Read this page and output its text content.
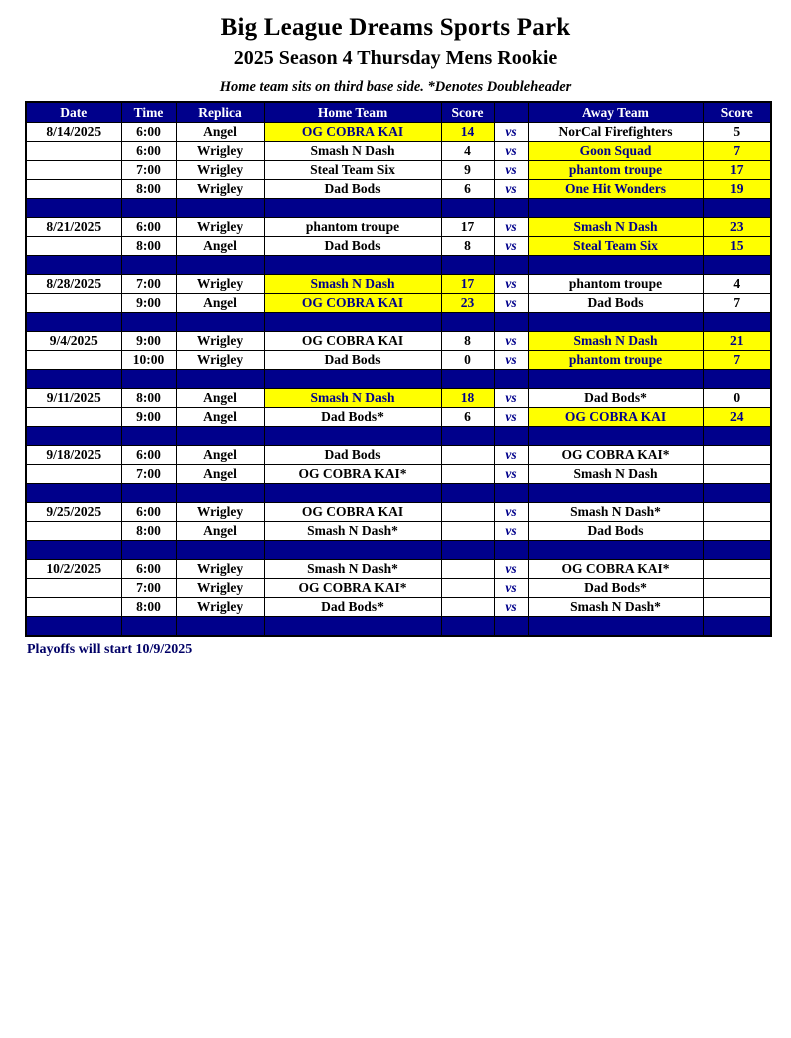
Big League Dreams Sports Park
2025 Season 4 Thursday Mens Rookie
Home team sits on third base side. *Denotes Doubleheader
Date	Time	Replica	Home Team	Score		Away Team	Score
8/14/2025	6:00	Angel	OG COBRA KAI	14	vs	NorCal Firefighters	5
	6:00	Wrigley	Smash N Dash	4	vs	Goon Squad	7
	7:00	Wrigley	Steal Team Six	9	vs	phantom troupe	17
	8:00	Wrigley	Dad Bods	6	vs	One Hit Wonders	19

8/21/2025	6:00	Wrigley	phantom troupe	17	vs	Smash N Dash	23
	8:00	Angel	Dad Bods	8	vs	Steal Team Six	15

8/28/2025	7:00	Wrigley	Smash N Dash	17	vs	phantom troupe	4
	9:00	Angel	OG COBRA KAI	23	vs	Dad Bods	7

9/4/2025	9:00	Wrigley	OG COBRA KAI	8	vs	Smash N Dash	21
	10:00	Wrigley	Dad Bods	0	vs	phantom troupe	7

9/11/2025	8:00	Angel	Smash N Dash	18	vs	Dad Bods*	0
	9:00	Angel	Dad Bods*	6	vs	OG COBRA KAI	24

9/18/2025	6:00	Angel	Dad Bods		vs	OG COBRA KAI*	
	7:00	Angel	OG COBRA KAI*		vs	Smash N Dash	

9/25/2025	6:00	Wrigley	OG COBRA KAI		vs	Smash N Dash*	
	8:00	Angel	Smash N Dash*		vs	Dad Bods	

10/2/2025	6:00	Wrigley	Smash N Dash*		vs	OG COBRA KAI*	
	7:00	Wrigley	OG COBRA KAI*		vs	Dad Bods*	
	8:00	Wrigley	Dad Bods*		vs	Smash N Dash*	

Playoffs will start 10/9/2025
